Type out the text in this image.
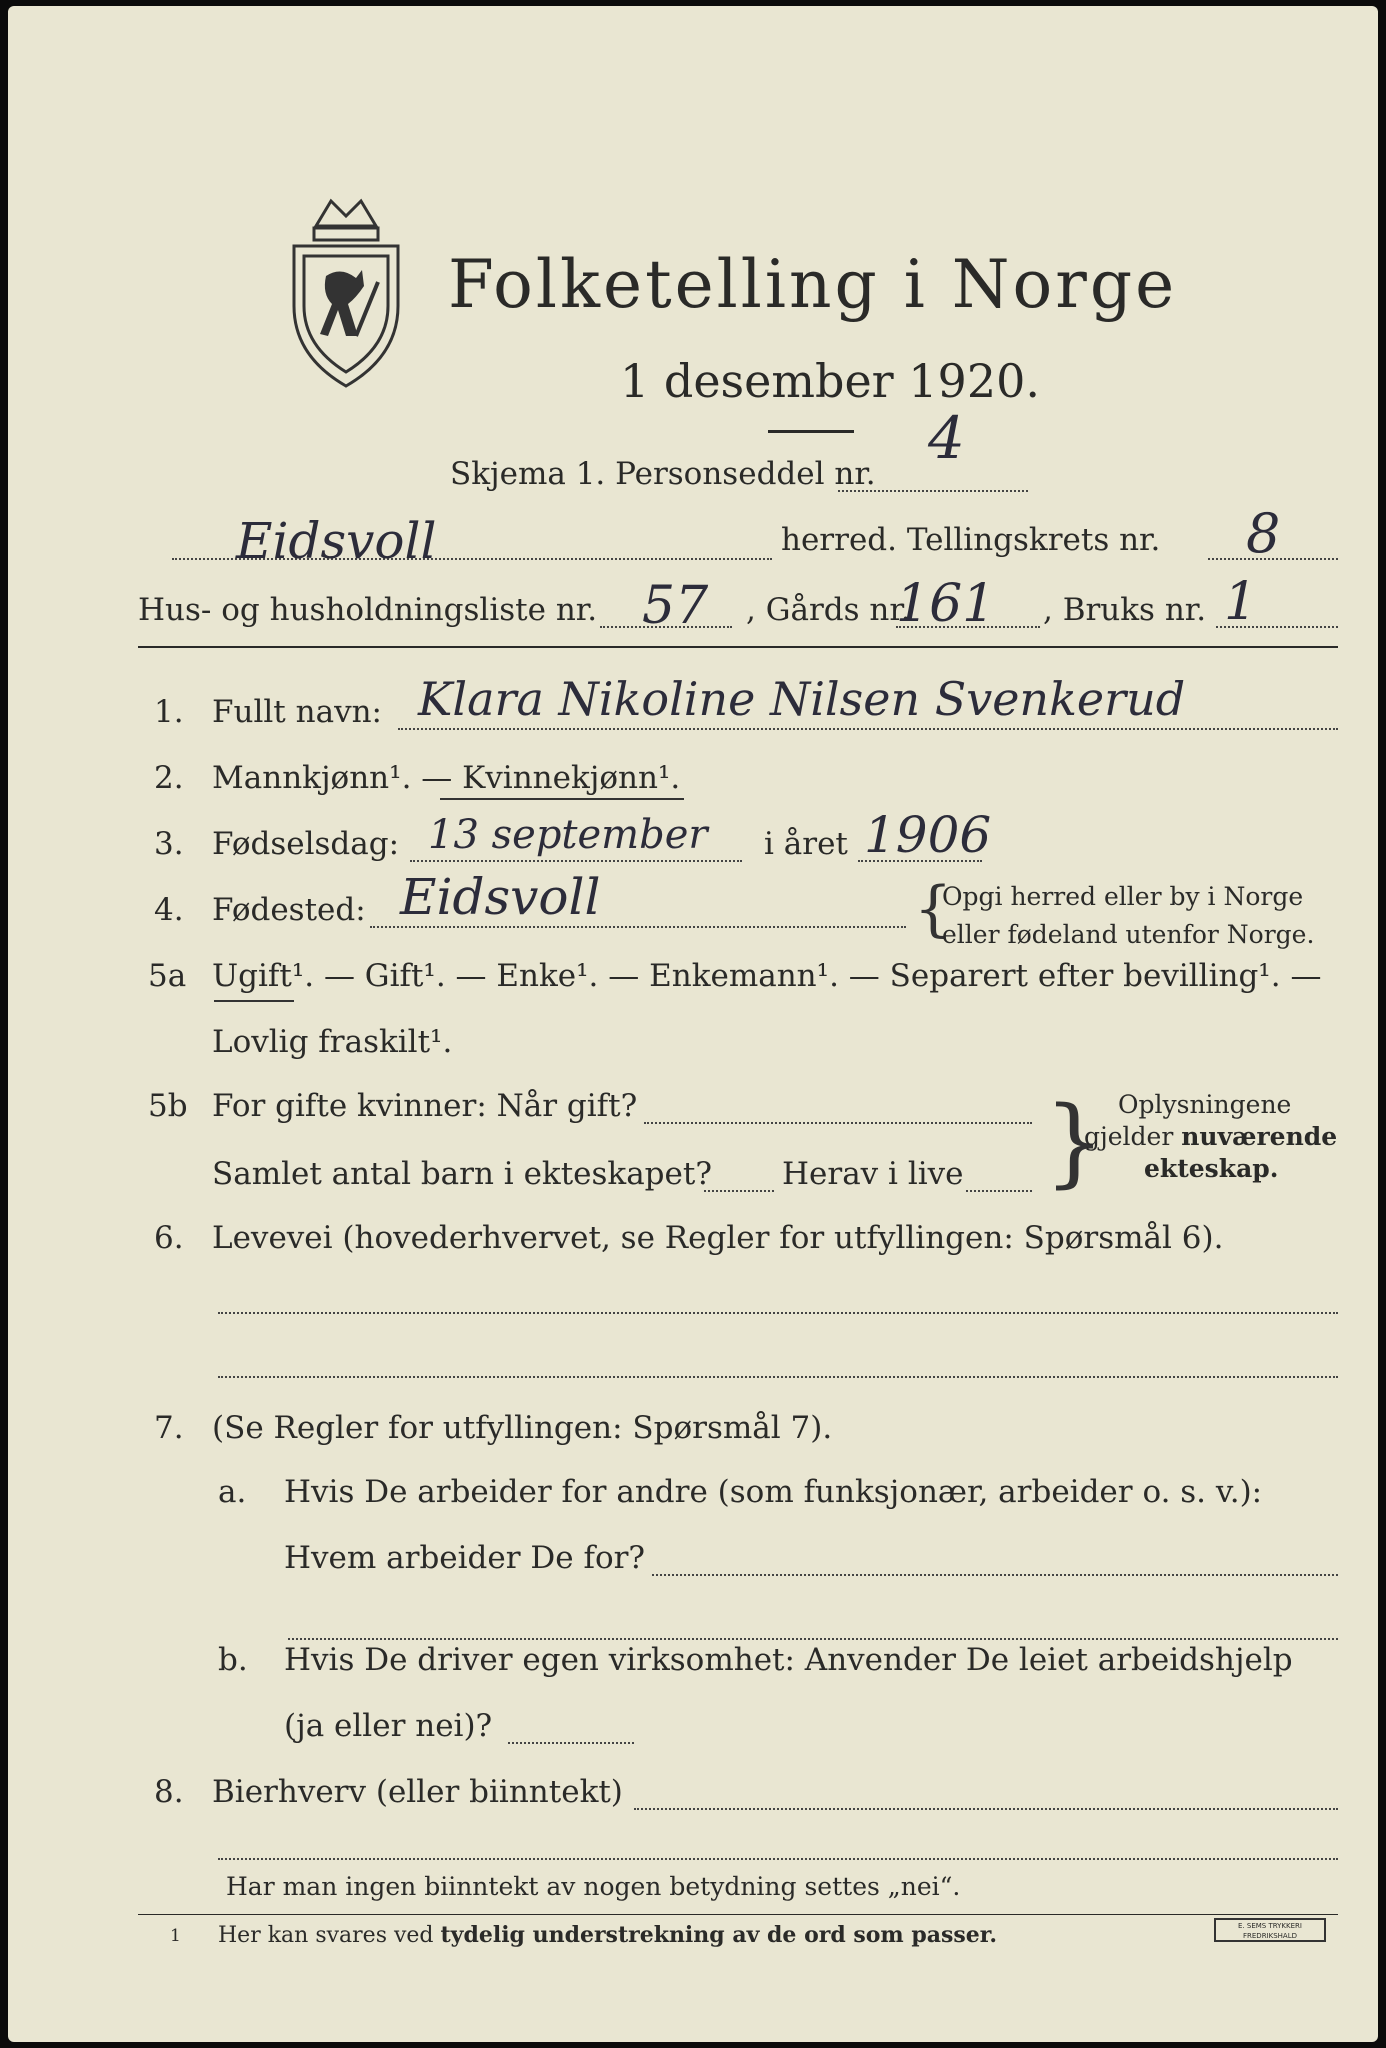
Folketelling i Norge
1 desember 1920.
Skjema 1. Personseddel nr.
4
Eidsvoll	herred. Tellingskrets nr. 8
Hus- og husholdningsliste nr. 57 , Gårds nr.
161 , Bruks nr. 1
1. Fullt navn: Klara Nikoline Nilsen Svenkerud
2. Mannkjønn¹. — Kvinnekjønn¹.
3. Fødselsdag: 13 september i året 1906
4. Fødested: Eidsvoll	{
Opgi herred eller by i Norge
eller fødeland utenfor Norge.
5a Ugift¹. — Gift¹. — Enke¹. — Enkemann¹. — Separert efter bevilling¹. —
Lovlig fraskilt¹.
5b For gifte kvinner: Når gift?
Samlet antal barn i ekteskapet? Herav i live } Oplysningene
gjelder nuværende
ekteskap.
6. Levevei (hovederhvervet, se Regler for utfyllingen: Spørsmål 6).
7. (Se Regler for utfyllingen: Spørsmål 7).
a. Hvis De arbeider for andre (som funksjonær, arbeider o. s. v.):
Hvem arbeider De for?
b. Hvis De driver egen virksomhet: Anvender De leiet arbeidshjelp
(ja eller nei)?
8. Bierhverv (eller biinntekt)
Har man ingen biinntekt av nogen betydning settes „nei“.
1 Her kan svares ved tydelig understrekning av de ord som passer.	E. SEMS TRYKKERI
FREDRIKSHALD
